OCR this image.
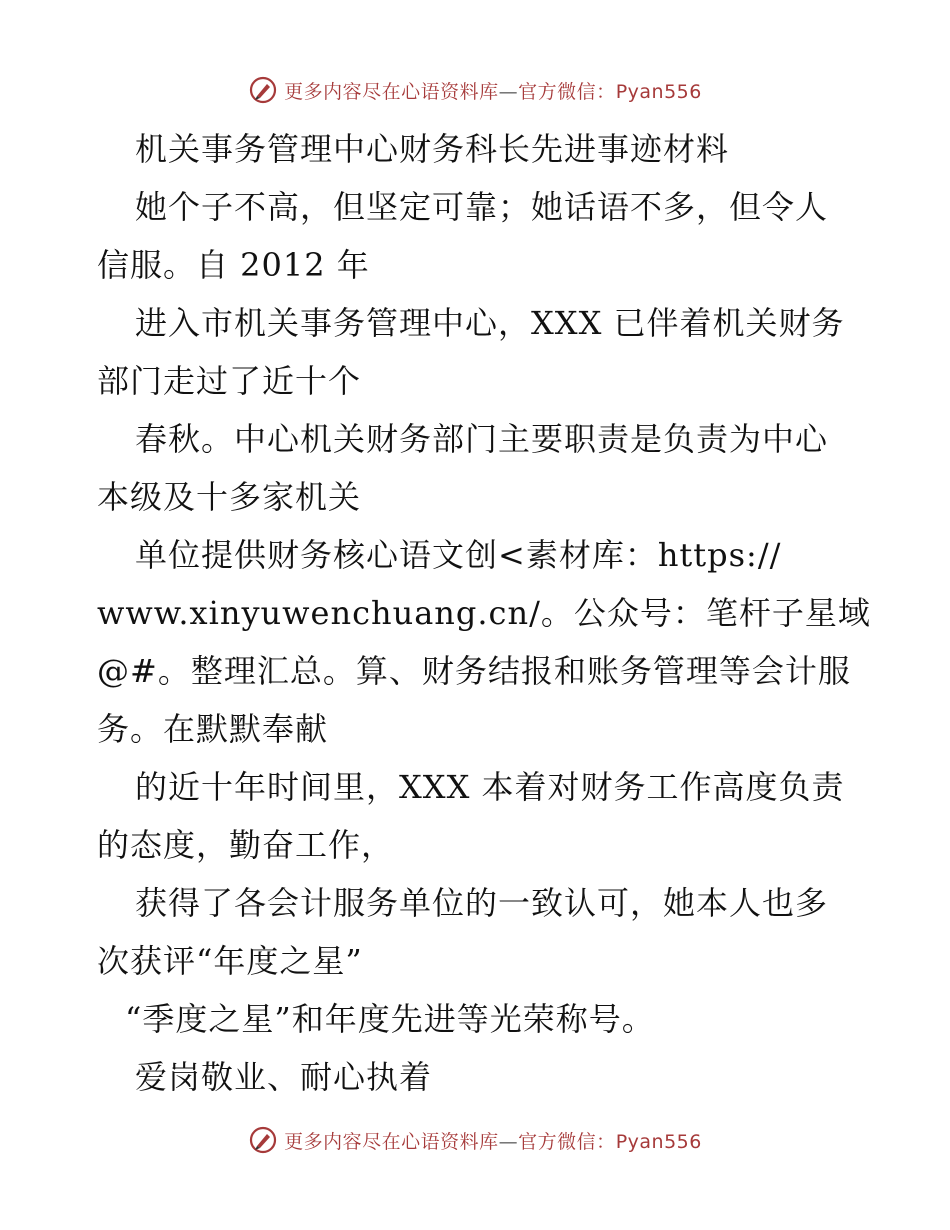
更多内容尽在心语资料库—官方微信：Pyan556
机关事务管理中心财务科长先进事迹材料
她个子不高，但坚定可靠；她话语不多，但令人
信服。自 2012 年
进入市机关事务管理中心，XXX 已伴着机关财务
部门走过了近十个
春秋。中心机关财务部门主要职责是负责为中心
本级及十多家机关
单位提供财务核心语文创<素材库：https://
www.xinyuwenchuang.cn/。公众号：笔杆子星域
@#。整理汇总。算、财务结报和账务管理等会计服
务。在默默奉献
的近十年时间里，XXX 本着对财务工作高度负责
的态度，勤奋工作，
获得了各会计服务单位的一致认可，她本人也多
次获评“年度之星”
“季度之星”和年度先进等光荣称号。
爱岗敬业、耐心执着
更多内容尽在心语资料库—官方微信：Pyan556
